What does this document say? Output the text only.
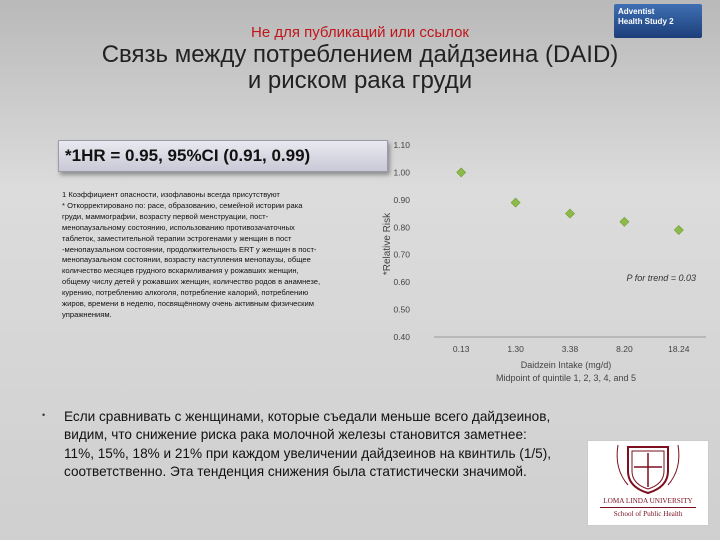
Adventist
Health Study 2
Не для публикаций или ссылок
Связь между потреблением дайдзеина (DAID)
и риском рака груди
*1HR = 0.95, 95%CI (0.91, 0.99)

1 Коэффициент опасности, изофлавоны всегда присутствуют

* Откорректировано по: расе, образованию, семейной истории рака груди, маммографии, возрасту первой менструации, пост-менопаузальному состоянию, использованию противозачаточных таблеток, заместительной терапии эстрогенами у женщин в пост -менопаузальном состоянии, продолжительность ERT у женщин в пост-менопаузальном состоянии, возрасту наступления менопаузы, общее количество месяцев грудного вскармливания у рожавших женщин, общему числу детей у рожавших женщин, количество родов в анамнезе, курению, потреблению алкоголя, потребление калорий, потреблению жиров, времени в неделю, посвящённому очень активным физическим упражнениям.

1.10
1.00
0.90
0.80
0.70
0.60
0.50
0.40
0.13	1.30	3.38	8.20	18.24
*Relative Risk
Daidzein Intake (mg/d)
Midpoint of quintile 1, 2, 3, 4, and 5
P for trend = 0.03
• Если сравнивать с женщинами, которые съедали меньше всего дайдзеинов,

видим, что снижение риска рака молочной железы становится заметнее:

11%, 15%, 18% и 21% при каждом увеличении дайдзеинов на квинтиль (1/5),

соответственно. Эта тенденция снижения была статистически значимой.

LOMA LINDA UNIVERSITY
School of Public Health
